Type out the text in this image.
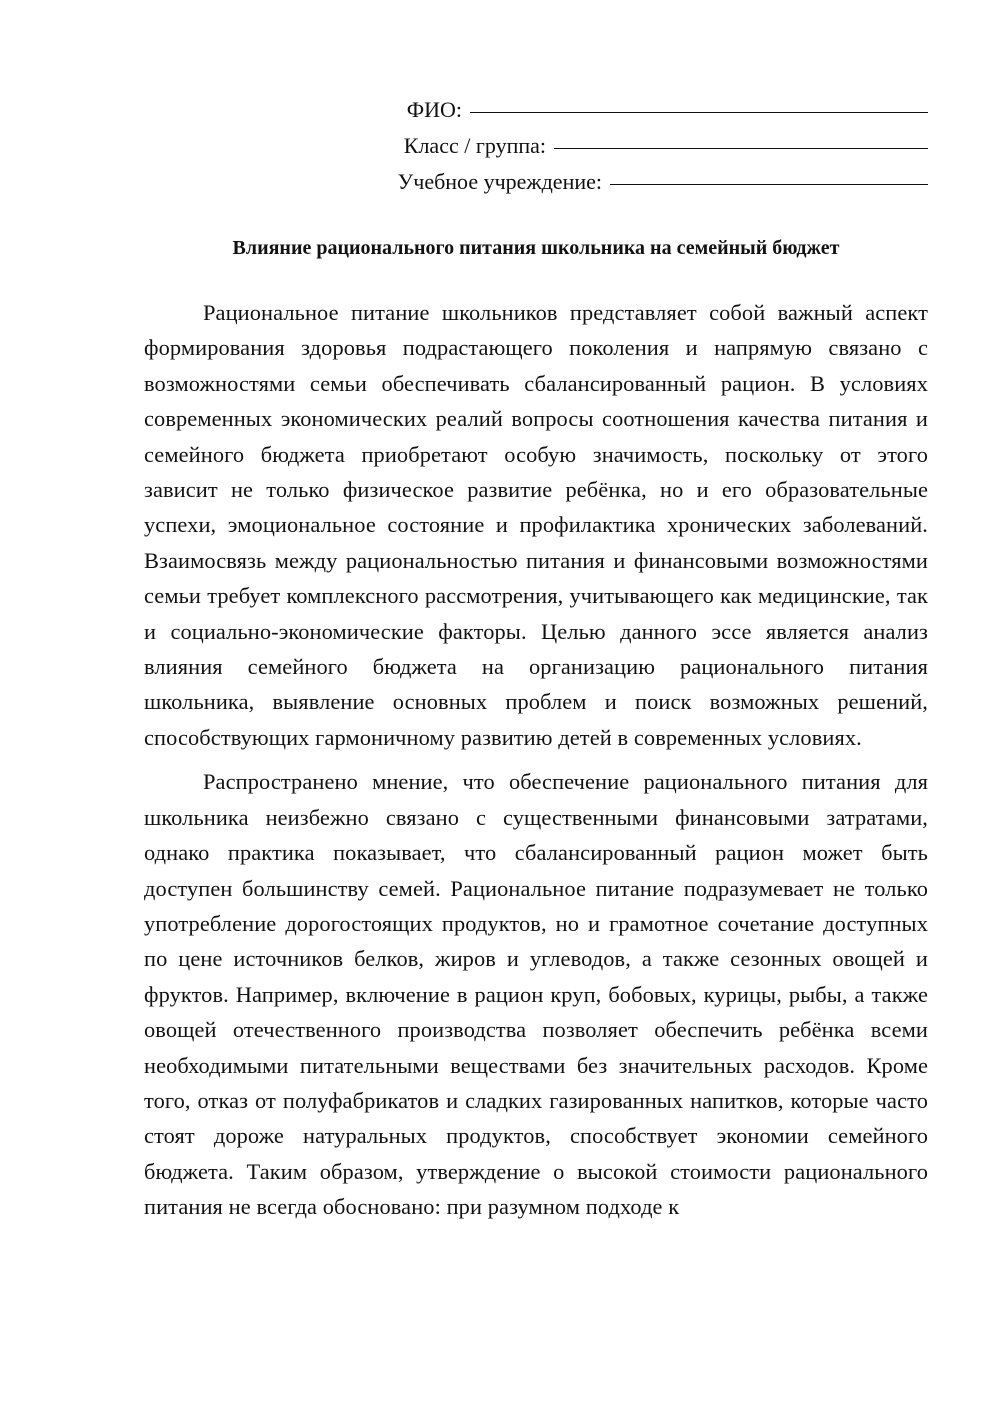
ФИО:
Класс / группа:
Учебное учреждение:
Влияние рационального питания школьника на семейный бюджет

Рациональное питание школьников представляет собой важный аспект формирования здоровья подрастающего поколения и напрямую связано с возможностями семьи обеспечивать сбалансированный рацион. В условиях современных экономических реалий вопросы соотношения качества питания и семейного бюджета приобретают особую значимость, поскольку от этого зависит не только физическое развитие ребёнка, но и его образовательные успехи, эмоциональное состояние и профилактика хронических заболеваний. Взаимосвязь между рациональностью питания и финансовыми возможностями семьи требует комплексного рассмотрения, учитывающего как медицинские, так и социально-экономические факторы. Целью данного эссе является анализ влияния семейного бюджета на организацию рационального питания школьника, выявление основных проблем и поиск возможных решений, способствующих гармоничному развитию детей в современных условиях.

Распространено мнение, что обеспечение рационального питания для школьника неизбежно связано с существенными финансовыми затратами, однако практика показывает, что сбалансированный рацион может быть доступен большинству семей. Рациональное питание подразумевает не только употребление дорогостоящих продуктов, но и грамотное сочетание доступных по цене источников белков, жиров и углеводов, а также сезонных овощей и фруктов. Например, включение в рацион круп, бобовых, курицы, рыбы, а также овощей отечественного производства позволяет обеспечить ребёнка всеми необходимыми питательными веществами без значительных расходов. Кроме того, отказ от полуфабрикатов и сладких газированных напитков, которые часто стоят дороже натуральных продуктов, способствует экономии семейного бюджета. Таким образом, утверждение о высокой стоимости рационального питания не всегда обосновано: при разумном подходе к
